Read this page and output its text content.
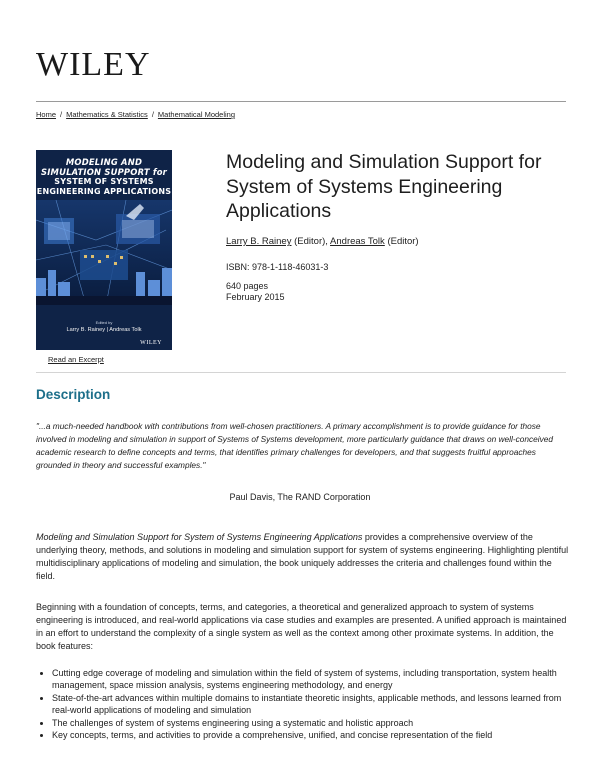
WILEY
Home / Mathematics & Statistics / Mathematical Modeling
MODELING AND
SIMULATION SUPPORT for
SYSTEM OF SYSTEMS
ENGINEERING APPLICATIONS
Edited by
Larry B. Rainey | Andreas Tolk
WILEY
Read an Excerpt
Modeling and Simulation Support for System of Systems Engineering Applications
Larry B. Rainey (Editor), Andreas Tolk (Editor)
ISBN: 978-1-118-46031-3
640 pages
February 2015
Description

"...a much-needed handbook with contributions from well-chosen practitioners. A primary accomplishment is to provide guidance for those involved in modeling and simulation in support of Systems of Systems development, more particularly guidance that draws on well-conceived academic research to define concepts and terms, that identifies primary challenges for developers, and that suggests fruitful approaches grounded in theory and successful examples."

Paul Davis, The RAND Corporation

Modeling and Simulation Support for System of Systems Engineering Applications provides a comprehensive overview of the underlying theory, methods, and solutions in modeling and simulation support for system of systems engineering. Highlighting plentiful multidisciplinary applications of modeling and simulation, the book uniquely addresses the criteria and challenges found within the field.

Beginning with a foundation of concepts, terms, and categories, a theoretical and generalized approach to system of systems engineering is introduced, and real-world applications via case studies and examples are presented. A unified approach is maintained in an effort to understand the complexity of a single system as well as the context among other proximate systems. In addition, the book features:

• Cutting edge coverage of modeling and simulation within the field of system of systems, including transportation, system health management, space mission analysis, systems engineering methodology, and energy
• State-of-the-art advances within multiple domains to instantiate theoretic insights, applicable methods, and lessons learned from real-world applications of modeling and simulation
• The challenges of system of systems engineering using a systematic and holistic approach
• Key concepts, terms, and activities to provide a comprehensive, unified, and concise representation of the field
